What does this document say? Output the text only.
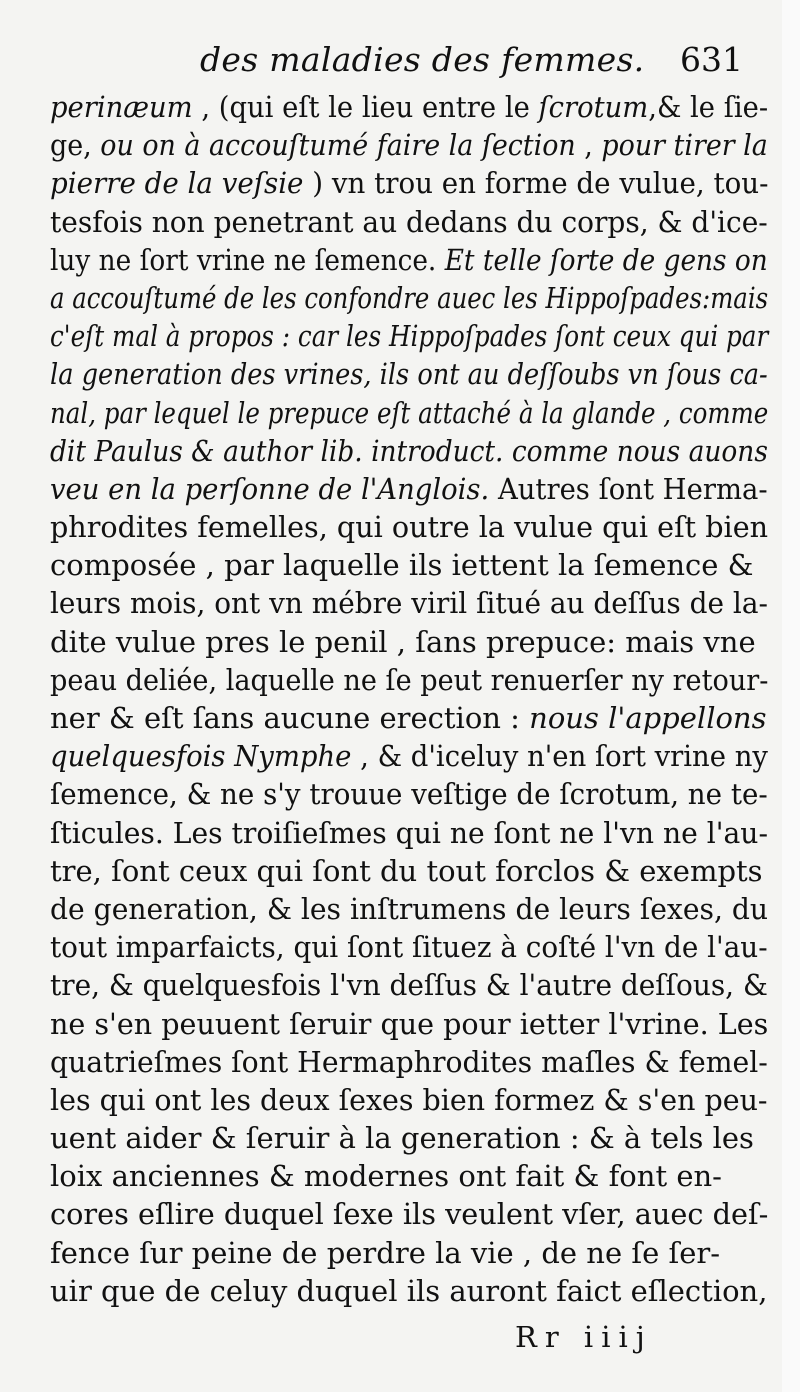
des maladies des femmes. 631
perinæum , (qui eſt le lieu entre le ſcrotum,& le ſie-
ge, ou on à accouſtumé faire la ſection , pour tirer la
pierre de la veſsie ) vn trou en forme de vulue, tou-
tesfois non penetrant au dedans du corps, & d'ice-
luy ne ſort vrine ne ſemence. Et telle ſorte de gens on
a accouſtumé de les confondre auec les Hippoſpades:mais
c'eſt mal à propos : car les Hippoſpades ſont ceux qui par
la generation des vrines, ils ont au deſſoubs vn ſous ca-
nal, par lequel le prepuce eſt attaché à la glande , comme
dit Paulus & author lib. introduct. comme nous auons
veu en la perſonne de l'Anglois. Autres ſont Herma-
phrodites femelles, qui outre la vulue qui eſt bien
composée , par laquelle ils iettent la ſemence &
leurs mois, ont vn mébre viril ſitué au deſſus de la-
dite vulue pres le penil , ſans prepuce: mais vne
peau deliée, laquelle ne ſe peut renuerſer ny retour-
ner & eſt ſans aucune erection : nous l'appellons
quelquesfois Nymphe , & d'iceluy n'en ſort vrine ny
ſemence, & ne s'y trouue veſtige de ſcrotum, ne te-
ſticules. Les troiſieſmes qui ne ſont ne l'vn ne l'au-
tre, ſont ceux qui ſont du tout forclos & exempts
de generation, & les inſtrumens de leurs ſexes, du
tout imparfaicts, qui ſont ſituez à coſté l'vn de l'au-
tre, & quelquesfois l'vn deſſus & l'autre deſſous, &
ne s'en peuuent ſeruir que pour ietter l'vrine. Les
quatrieſmes ſont Hermaphrodites maſles & femel-
les qui ont les deux ſexes bien formez & s'en peu-
uent aider & ſeruir à la generation : & à tels les
loix anciennes & modernes ont fait & font en-
cores eſlire duquel ſexe ils veulent vſer, auec deſ-
fence ſur peine de perdre la vie , de ne ſe ſer-
uir que de celuy duquel ils auront faict eſlection,
Rr iiij
